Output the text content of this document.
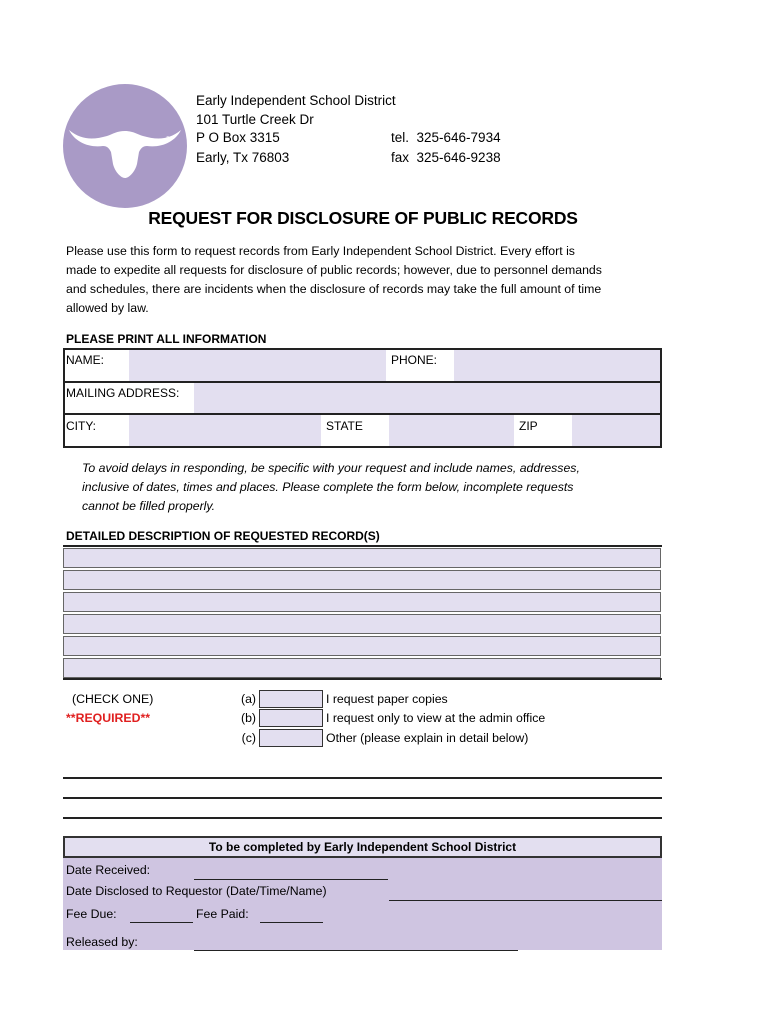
®
Early Independent School District
101 Turtle Creek Dr
P O Box 3315
Early, Tx 76803
tel.  325-646-7934
fax  325-646-9238
REQUEST FOR DISCLOSURE OF PUBLIC RECORDS
Please use this form to request records from Early Independent School District. Every effort is made to expedite all requests for disclosure of public records; however, due to personnel demands and schedules, there are incidents when the disclosure of records may take the full amount of time allowed by law.
PLEASE PRINT ALL INFORMATION
NAME:	PHONE:
MAILING ADDRESS:
CITY:	STATE	ZIP
To avoid delays in responding, be specific with your request and include names, addresses, inclusive of dates, times and places. Please complete the form below, incomplete requests cannot be filled properly.
DETAILED DESCRIPTION OF REQUESTED RECORD(S)
(CHECK ONE)
**REQUIRED**
(a)	I request paper copies
(b)	I request only to view at the admin office
(c)	Other (please explain in detail below)
To be completed by Early Independent School District
Date Received:
Date Disclosed to Requestor (Date/Time/Name)
Fee Due:	Fee Paid:
Released by:
